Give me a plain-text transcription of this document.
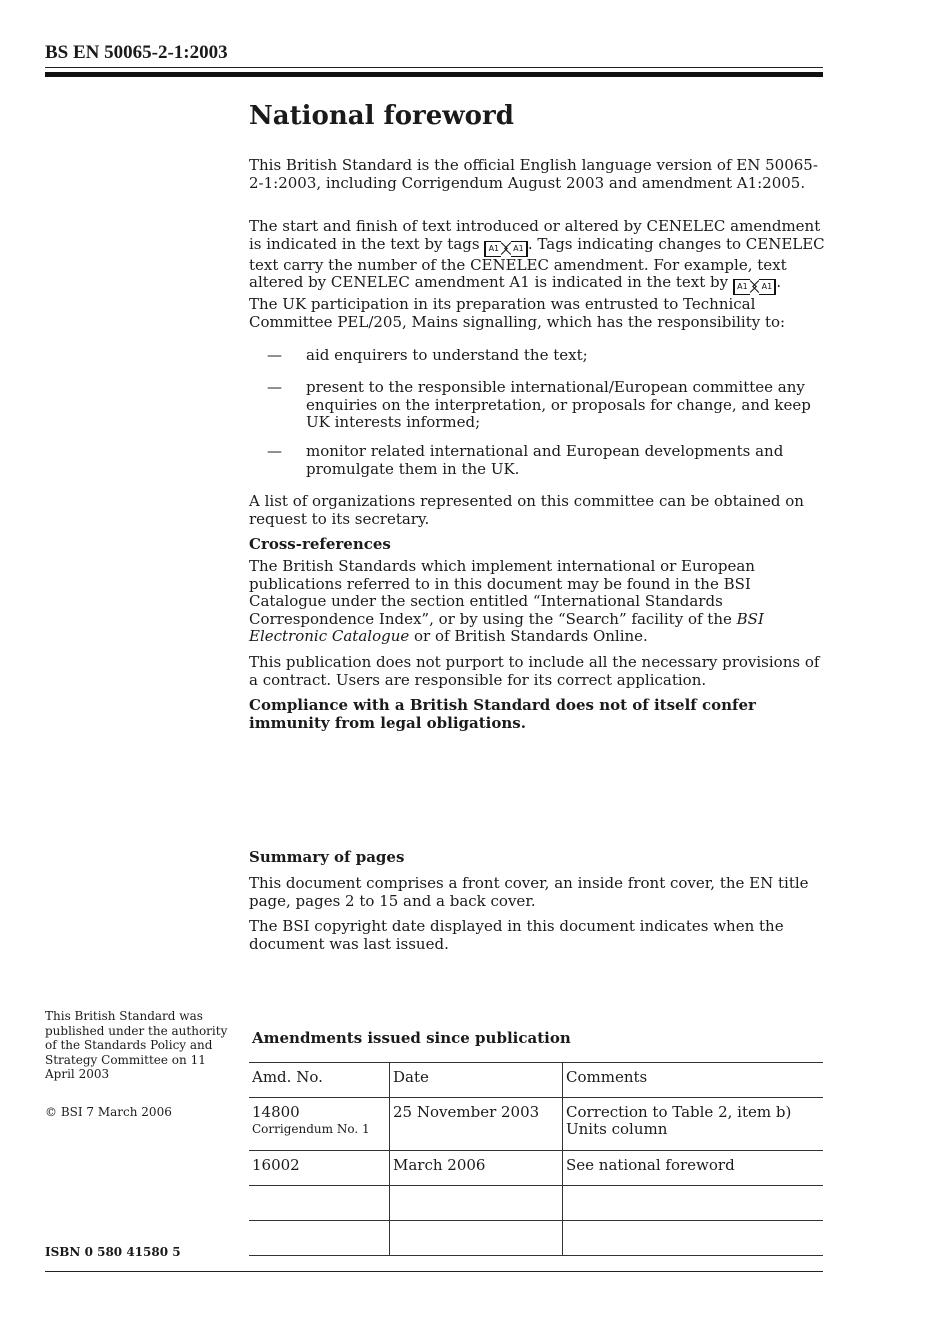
BS EN 50065-2-1:2003
National foreword

This British Standard is the official English language version of EN 50065-2-1:2003, including Corrigendum August 2003 and amendment A1:2005.

The start and finish of text introduced or altered by CENELEC amendment is indicated in the text by tags A1 A1 . Tags indicating changes to CENELEC text carry the number of the CENELEC amendment. For example, text altered by CENELEC amendment A1 is indicated in the text by A1 A1 .

The UK participation in its preparation was entrusted to Technical Committee PEL/205, Mains signalling, which has the responsibility to:

— aid enquirers to understand the text;
— present to the responsible international/European committee any enquiries on the interpretation, or proposals for change, and keep UK interests informed;
— monitor related international and European developments and promulgate them in the UK.

A list of organizations represented on this committee can be obtained on request to its secretary.

Cross-references

The British Standards which implement international or European publications referred to in this document may be found in the BSI Catalogue under the section entitled “International Standards Correspondence Index”, or by using the “Search” facility of the BSI Electronic Catalogue or of British Standards Online.

This publication does not purport to include all the necessary provisions of a contract. Users are responsible for its correct application.

Compliance with a British Standard does not of itself confer immunity from legal obligations.
Summary of pages

This document comprises a front cover, an inside front cover, the EN title page, pages 2 to 15 and a back cover.

The BSI copyright date displayed in this document indicates when the document was last issued.

This British Standard was published under the authority of the Standards Policy and Strategy Committee on 11 April 2003
© BSI 7 March 2006
Amendments issued since publication
Amd. No.	Date	Comments

14800
Corrigendum No. 1	25 November 2003	Correction to Table 2, item b) Units column

16002	March 2006	See national foreword

ISBN 0 580 41580 5
